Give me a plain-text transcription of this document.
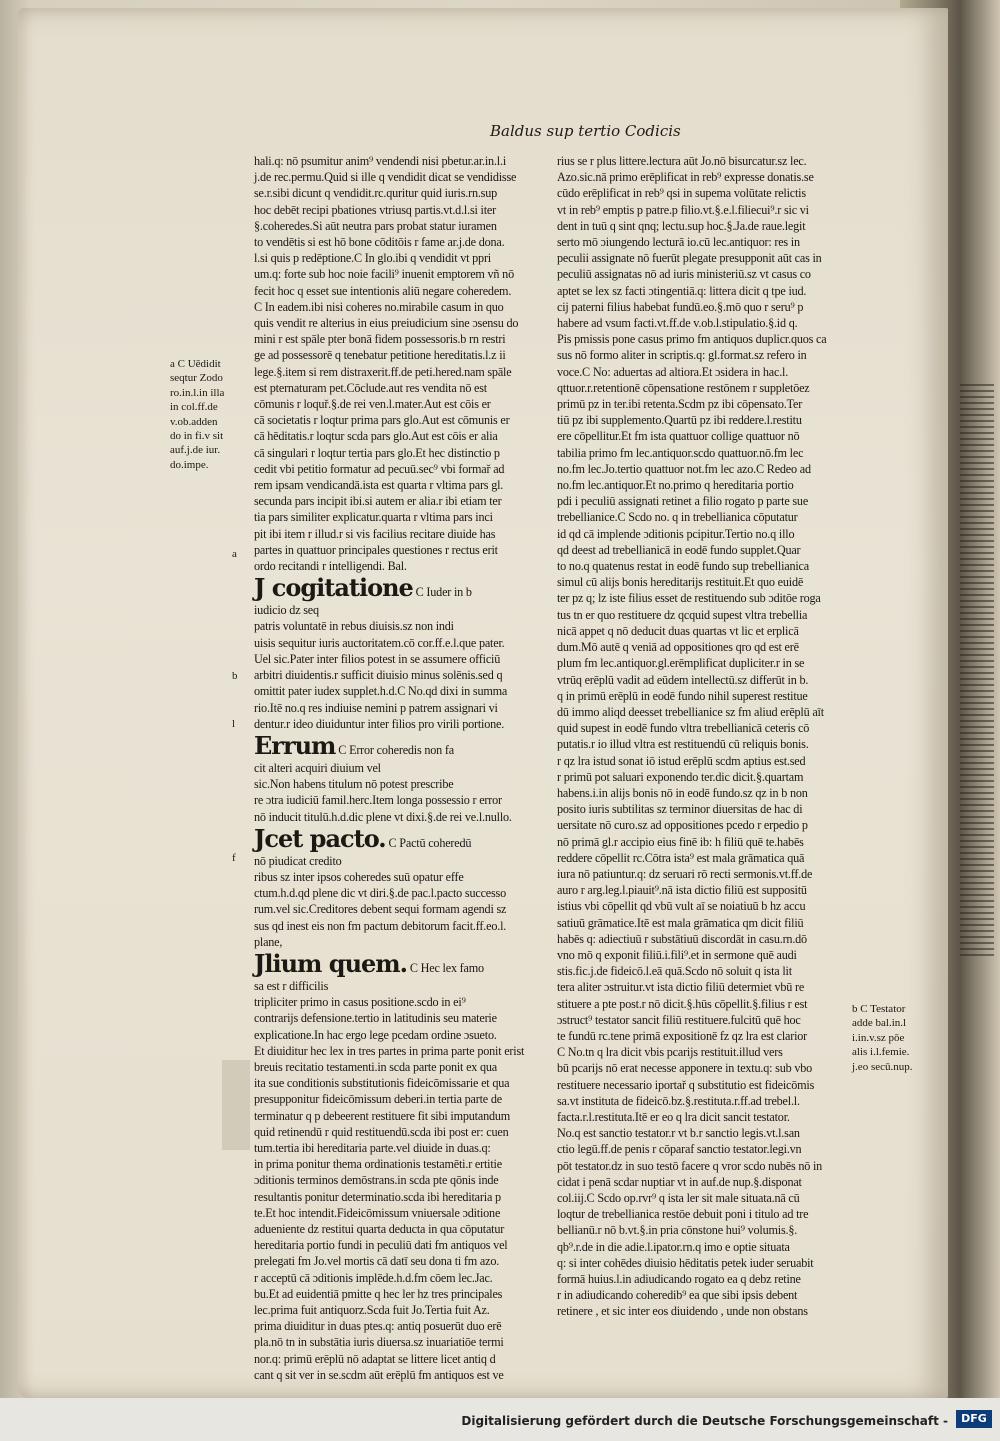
Baldus sup tertio Codicis

hali.q: nō psumitur anim⁹ vendendi nisi pbetur.ar.in.l.i

j.de rec.permu.Quid si ille q vendidit dicat se vendidisse

se.r.sibi dicunt q vendidit.rc.quritur quid iuris.rn.sup

hoc debēt recipi pbationes vtriusq partis.vt.d.l.si iter

§.coheredes.Si aūt neutra pars probat statur iuramen

to vendētis si est hō bone cōditōis r fame ar.j.de dona.

l.si quis p redēptione.C In glo.ibi q vendidit vt ppri

um.q: forte sub hoc noie facili⁹ inuenit emptorem vñ nō

fecit hoc q esset sue intentionis aliū negare coheredem.

C In eadem.ibi nisi coheres no.mirabile casum in quo

quis vendit re alterius in eius preiudicium sine ɔsensu do

mini r est spāle pter bonā fidem possessoris.b rn restri

ge ad possessorē q tenebatur petitione hereditatis.l.z ii

lege.§.item si rem distraxerit.ff.de peti.hered.nam spāle

est pternaturam pet.Cōclude.aut res vendita nō est

cōmunis r loquř.§.de rei ven.l.mater.Aut est cōis er

cā societatis r loqtur prima pars glo.Aut est cōmunis er

cā hēditatis.r loqtur scda pars glo.Aut est cōis er alia

cā singulari r loqtur tertia pars glo.Et hec distinctio p

cedit vbi petitio formatur ad pecuū.sec⁹ vbi formař ad

rem ipsam vendicandā.ista est quarta r vltima pars gl.

secunda pars incipit ibi.si autem er alia.r ibi etiam ter

tia pars similiter explicatur.quarta r vltima pars inci

pit ibi item r illud.r si vis facilius recitare diuide has

partes in quattuor principales questiones r rectus erit

ordo recitandi r intelligendi. Bal.

J cogitatione C Iuder in b

iudicio dz seq

patris voluntatē in rebus diuisis.sz non indi

uisis sequitur iuris auctoritatem.cō cor.ff.e.l.que pater.

Uel sic.Pater inter filios potest in se assumere officiū

arbitri diuidentis.r sufficit diuisio minus solēnis.sed q

omittit pater iudex supplet.h.d.C No.qd dixi in summa

rio.Itē no.q res indiuise nemini p patrem assignari vi

dentur.r ideo diuiduntur inter filios pro virili portione.

Errum C Error coheredis non fa

cit alteri acquiri diuium vel

sic.Non habens titulum nō potest prescribe

re ɔtra iudiciū famil.herc.Item longa possessio r error

nō inducit titulū.h.d.dic plene vt dixi.§.de rei ve.l.nullo.

Jcet pacto. C Pactū coheredū

nō piudicat credito

ribus sz inter ipsos coheredes suū opatur effe

ctum.h.d.qd plene dic vt diri.§.de pac.l.pacto successo

rum.vel sic.Creditores debent sequi formam agendi sz

sus qd inest eis non fm pactum debitorum facit.ff.eo.l.

plane,

Jlium quem. C Hec lex famo

sa est r difficilis

tripliciter primo in casus positione.scdo in ei⁹

contrarijs defensione.tertio in latitudinis seu materie

explicatione.In hac ergo lege pcedam ordine ɔsueto.

Et diuiditur hec lex in tres partes in prima parte ponit erist

breuis recitatio testamenti.in scda parte ponit ex qua

ita sue conditionis substitutionis fideicōmissarie et qua

presupponitur fideicōmissum deberi.in tertia parte de

terminatur q p debeerent restituere fit sibi imputandum

quid retinendū r quid restituendū.scda ibi post er: cuen

tum.tertia ibi hereditaria parte.vel diuide in duas.q:

in prima ponitur thema ordinationis testamēti.r ertitie

ɔditionis terminos demōstrans.in scda pte qōnis inde

resultantis ponitur determinatio.scda ibi hereditaria p

te.Et hoc intendit.Fideicōmissum vniuersale ɔditione

adueniente dz restitui quarta deducta in qua cōputatur

hereditaria portio fundi in peculiū dati fm antiquos vel

prelegati fm Jo.vel mortis cā datī seu dona ti fm azo.

r acceptū cā ɔditionis implēde.h.d.fm cōem lec.Jac.

bu.Et ad euidentiā pmitte q hec ler hz tres principales

lec.prima fuit antiquorz.Scda fuit Jo.Tertia fuit Az.

prima diuiditur in duas ptes.q: antiq posuerūt duo erē

pla.nō tn in substātia iuris diuersa.sz inuariatiōe termi

nor.q: primū erēplū nō adaptat se littere licet antiq d

cant q sit ver in se.scdm aūt erēplū fm antiquos est ve

rius se r plus littere.lectura aūt Jo.nō bisurcatur.sz lec.

Azo.sic.nā primo erēplificat in reb⁹ expresse donatis.se

cūdo erēplificat in reb⁹ qsi in supema volūtate relictis

vt in reb⁹ emptis p patre.p filio.vt.§.e.l.filiecui⁹.r sic vi

dent in tuū q sint qnq; lectu.sup hoc.§.Ja.de raue.legit

serto mō ɔiungendo lecturā io.cū lec.antiquor: res in

peculii assignate nō fuerūt plegate presupponit aūt cas in

peculiū assignatas nō ad iuris ministeriū.sz vt casus co

aptet se lex sz facti ɔtingentiā.q: littera dicit q tpe iud.

cij paterni filius habebat fundū.eo.§.mō quo r seru⁹ p

habere ad vsum facti.vt.ff.de v.ob.l.stipulatio.§.id q.

Pis pmissis pone casus primo fm antiquos duplicr.quos ca

sus nō formo aliter in scriptis.q: gl.format.sz refero in

voce.C No: aduertas ad altiora.Et ɔsidera in hac.l.

qttuor.r.retentionē cōpensatione restōnem r suppletōez

primū pz in ter.ibi retenta.Scdm pz ibi cōpensato.Ter

tiū pz ibi supplemento.Quartū pz ibi reddere.l.restitu

ere cōpellitur.Et fm ista quattuor collige quattuor nō

tabilia primo fm lec.antiquor.scdo quattuor.nō.fm lec

no.fm lec.Jo.tertio quattuor not.fm lec azo.C Redeo ad

no.fm lec.antiquor.Et no.primo q hereditaria portio

pdi i peculiū assignati retinet a filio rogato p parte sue

trebellianice.C Scdo no. q in trebellianica cōputatur

id qd cā implende ɔditionis pcipitur.Tertio no.q illo

qd deest ad trebellianicā in eodē fundo supplet.Quar

to no.q quatenus restat in eodē fundo sup trebellianica

simul cū alijs bonis hereditarijs restituit.Et quo euidē

ter pz q; lz iste filius esset de restituendo sub ɔditōe roga

tus tn er quo restituere dz qcquid supest vltra trebellia

nicā appet q nō deducit duas quartas vt lic et erplicā

dum.Mō autē q veniā ad oppositiones qro qd est erē

plum fm lec.antiquor.gl.erēmplificat dupliciter.r in se

vtrūq erēplū vadit ad eūdem intellectū.sz differūt in b.

q in primū erēplū in eodē fundo nihil superest restitue

dū immo aliqd deesset trebellianice sz fm aliud erēplū aīt

quid supest in eodē fundo vltra trebellianicā ceteris cō

putatis.r io illud vltra est restituendū cū reliquis bonis.

r qz lra istud sonat iō istud erēplū scdm aptius est.sed

r primū pot saluari exponendo ter.dic dicit.§.quartam

habens.i.in alijs bonis nō in eodē fundo.sz qz in b non

posito iuris subtilitas sz terminor diuersitas de hac di

uersitate nō curo.sz ad oppositiones pcedo r erpedio p

nō primā gl.r accipio eius finē ib: h filiū quē te.habēs

reddere cōpellit rc.Cōtra ista⁹ est mala grāmatica quā

iura nō patiuntur.q: dz seruari rō recti sermonis.vt.ff.de

auro r arg.leg.l.piauit⁹.nā ista dictio filiū est suppositū

istius vbi cōpellit qd vbū vult aī se noiatiuū b hz accu

satiuū grāmatice.Itē est mala grāmatica qm dicit filiū

habēs q: adiectiuū r substātiuū discordāt in casu.rn.dō

vno mō q exponit filiū.i.fili⁹.et in sermone quē audi

stis.fic.j.de fideicō.l.eā quā.Scdo nō soluit q ista lit

tera aliter ɔstruitur.vt ista dictio filiū determiet vbū re

stituere a pte post.r nō dicit.§.hūs cōpellit.§.filius r est

ɔstruct⁹ testator sancit filiū restituere.fulcitū quē hoc

te fundū rc.tene primā expositionē fz qz lra est clarior

C No.tn q lra dicit vbis pcarijs restituit.illud vers

bū pcarijs nō erat necesse apponere in textu.q: sub vbo

restituere necessario iportař q substitutio est fideicōmis

sa.vt instituta de fideicō.bz.§.restituta.r.ff.ad trebel.l.

facta.r.l.restituta.Itē er eo q lra dicit sancit testator.

No.q est sanctio testator.r vt b.r sanctio legis.vt.l.san

ctio legū.ff.de penis r cōparaf sanctio testator.legi.vn

pōt testator.dz in suo testō facere q vror scdo nubēs nō in

cidat i penā scdar nuptiar vt in auf.de nup.§.disponat

col.iij.C Scdo op.rvr⁹ q ista ler sit male situata.nā cū

loqtur de trebellianica restōe debuit poni i titulo ad tre

bellianū.r nō b.vt.§.in pria cōnstone hui⁹ volumis.§.

qb⁹.r.de in die adie.l.ipator.rn.q imo e optie situata

q: si inter cohēdes diuisio hēditatis petek iuder seruabit

formā huius.l.in adiudicando rogato ea q debz retine

r in adiudicando coheredib⁹ ea que sibi ipsis debent

retinere , et sic inter eos diuidendo , unde non obstans

a C Uēdidit

seqtur Zodo

ro.in.l.in illa

in col.ff.de

v.ob.adden

do in fi.v sit

auf.j.de iur.

do.impe.

b C Testator

adde bal.in.l

i.in.v.sz pōe

alis i.l.femie.

j.eo secū.nup.

a
b
l
f
Digitalisierung gefördert durch die Deutsche Forschungsgemeinschaft -	DFG
